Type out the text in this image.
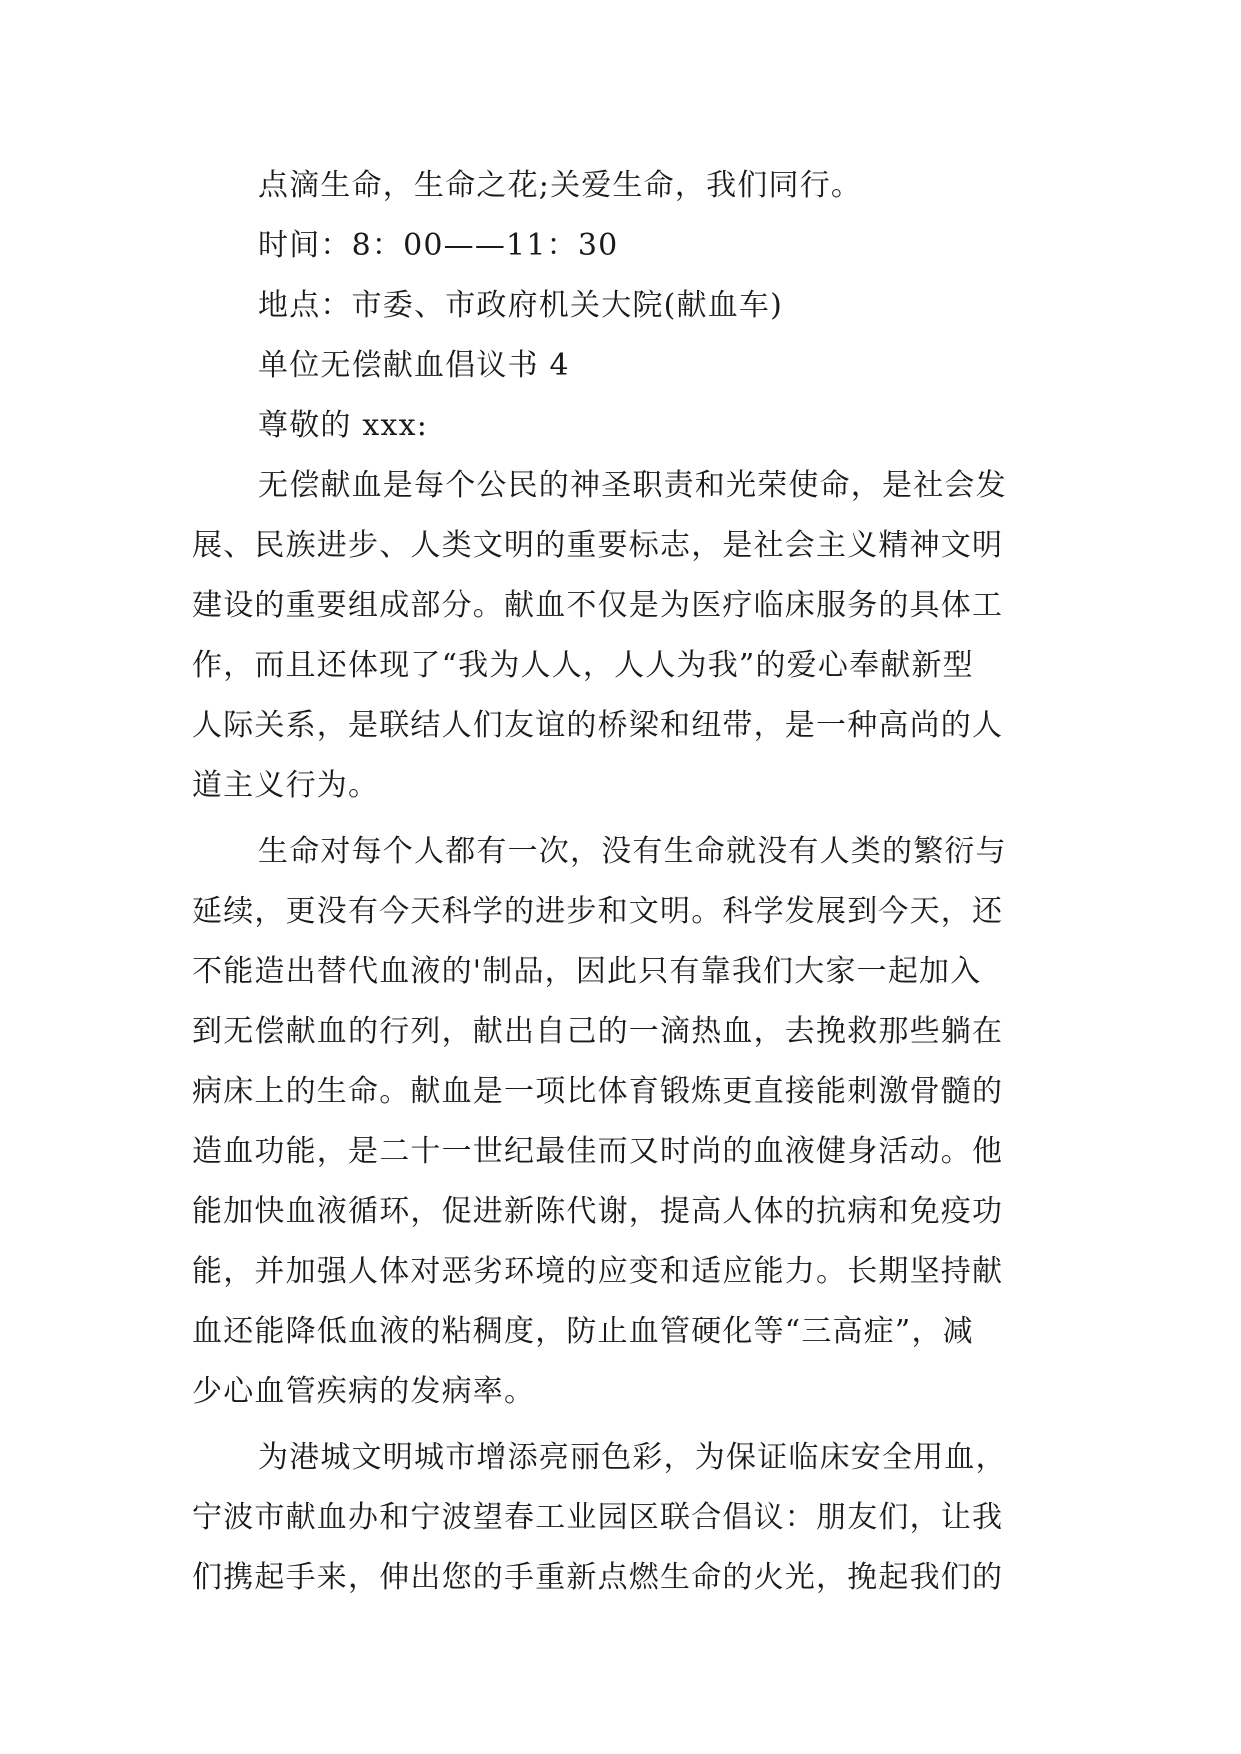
点滴生命，生命之花;关爱生命，我们同行。

时间：8：00——11：30

地点：市委、市政府机关大院(献血车)

单位无偿献血倡议书 4

尊敬的 xxx:

无偿献血是每个公民的神圣职责和光荣使命，是社会发

展、民族进步、人类文明的重要标志，是社会主义精神文明

建设的重要组成部分。献血不仅是为医疗临床服务的具体工

作，而且还体现了“我为人人，人人为我”的爱心奉献新型

人际关系，是联结人们友谊的桥梁和纽带，是一种高尚的人

道主义行为。

生命对每个人都有一次，没有生命就没有人类的繁衍与

延续，更没有今天科学的进步和文明。科学发展到今天，还

不能造出替代血液的'制品，因此只有靠我们大家一起加入

到无偿献血的行列，献出自己的一滴热血，去挽救那些躺在

病床上的生命。献血是一项比体育锻炼更直接能刺激骨髓的

造血功能，是二十一世纪最佳而又时尚的血液健身活动。他

能加快血液循环，促进新陈代谢，提高人体的抗病和免疫功

能，并加强人体对恶劣环境的应变和适应能力。长期坚持献

血还能降低血液的粘稠度，防止血管硬化等“三高症”，减

少心血管疾病的发病率。

为港城文明城市增添亮丽色彩，为保证临床安全用血，

宁波市献血办和宁波望春工业园区联合倡议：朋友们，让我

们携起手来，伸出您的手重新点燃生命的火光，挽起我们的
